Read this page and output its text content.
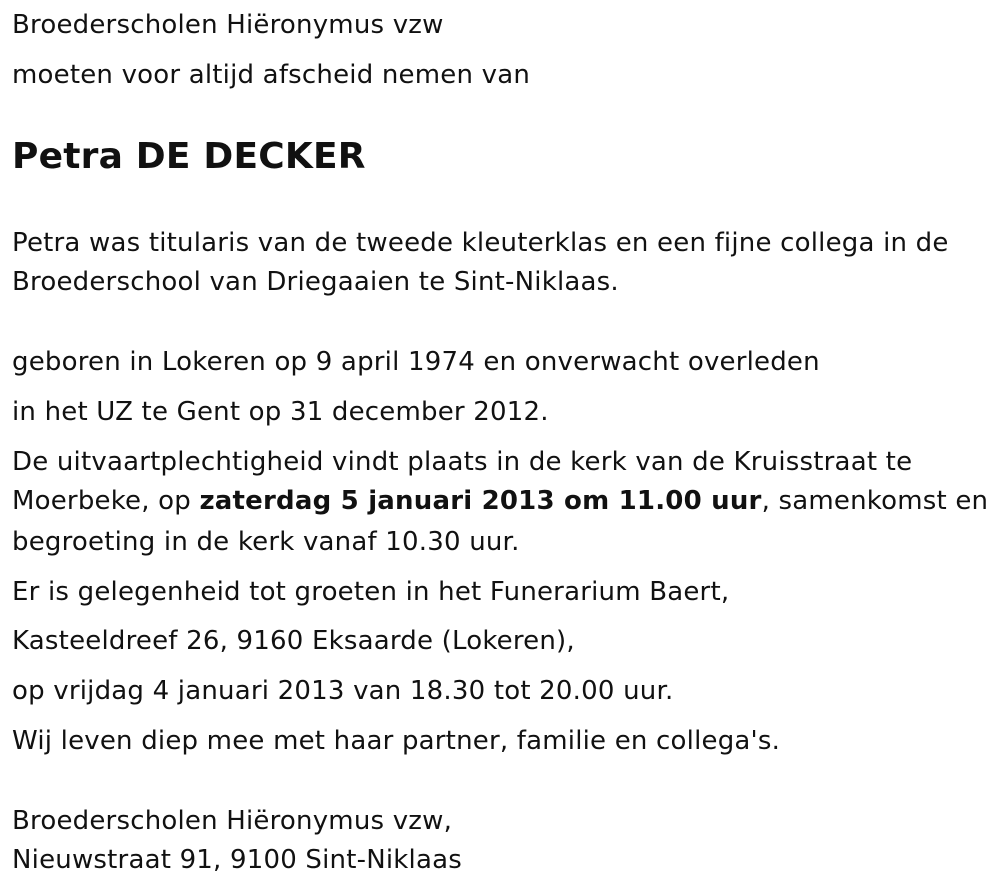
Broederscholen Hiëronymus vzw
moeten voor altijd afscheid nemen van
Petra DE DECKER
Petra was titularis van de tweede kleuterklas en een fijne collega in de
Broederschool van Driegaaien te Sint-Niklaas.
geboren in Lokeren op 9 april 1974 en onverwacht overleden
in het UZ te Gent op 31 december 2012.
De uitvaartplechtigheid vindt plaats in de kerk van de Kruisstraat te
Moerbeke, op zaterdag 5 januari 2013 om 11.00 uur, samenkomst en
begroeting in de kerk vanaf 10.30 uur.
Er is gelegenheid tot groeten in het Funerarium Baert,
Kasteeldreef 26, 9160 Eksaarde (Lokeren),
op vrijdag 4 januari 2013 van 18.30 tot 20.00 uur.
Wij leven diep mee met haar partner, familie en collega's.
Broederscholen Hiëronymus vzw,
Nieuwstraat 91, 9100 Sint-Niklaas
